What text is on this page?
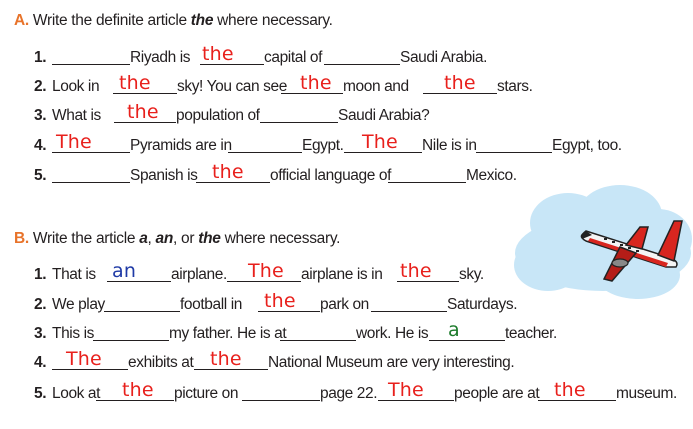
A. Write the definite article the where necessary.
1.	Riyadh is the capital of	Saudi Arabia.
2. Look in the sky! You can see the moon and the stars.
3. What is the population of	Saudi Arabia?
4. The Pyramids are in	Egypt. The Nile is in	Egypt, too.
5.	Spanish is the official language of	Mexico.
B. Write the article a, an, or the where necessary.
1. That is an airplane. The airplane is in the sky.
2. We play	football in the park on	Saturdays.
3. This is	my father. He is at	work. He is a	teacher.
4. The exhibits at the National Museum are very interesting.
5. Look at the picture on	page 22. The people are at the museum.
